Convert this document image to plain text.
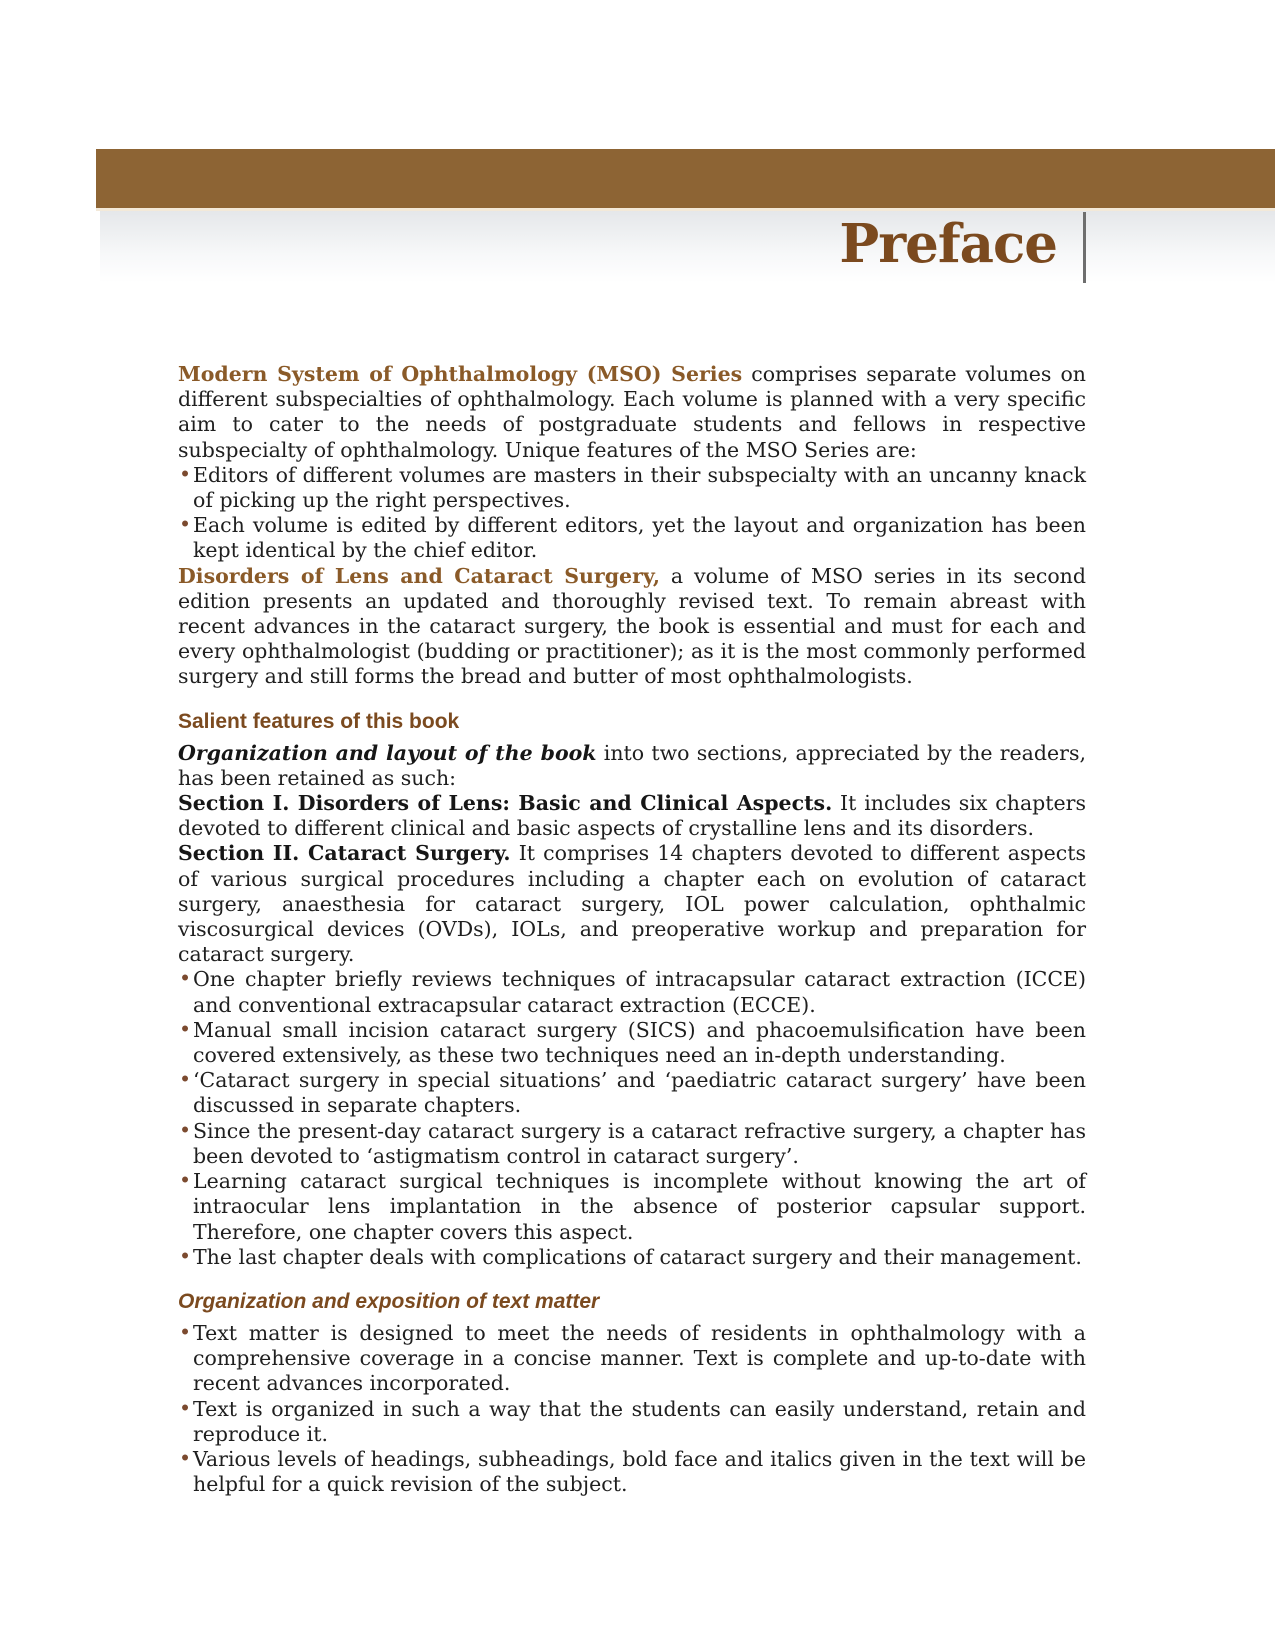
Preface

Modern System of Ophthalmology (MSO) Series comprises separate volumes on different subspecialties of ophthalmology. Each volume is planned with a very specific aim to cater to the needs of postgraduate students and fellows in respective subspecialty of ophthalmology. Unique features of the MSO Series are:

• Editors of different volumes are masters in their subspecialty with an uncanny knack of picking up the right perspectives.
• Each volume is edited by different editors, yet the layout and organization has been kept identical by the chief editor.

Disorders of Lens and Cataract Surgery, a volume of MSO series in its second edition presents an updated and thoroughly revised text. To remain abreast with recent advances in the cataract surgery, the book is essential and must for each and every ophthalmologist (budding or practitioner); as it is the most commonly performed surgery and still forms the bread and butter of most ophthalmologists.

Salient features of this book

Organization and layout of the book into two sections, appreciated by the readers, has been retained as such:

Section I. Disorders of Lens: Basic and Clinical Aspects. It includes six chapters devoted to different clinical and basic aspects of crystalline lens and its disorders.

Section II. Cataract Surgery. It comprises 14 chapters devoted to different aspects of various surgical procedures including a chapter each on evolution of cataract surgery, anaesthesia for cataract surgery, IOL power calculation, ophthalmic viscosurgical devices (OVDs), IOLs, and preoperative workup and preparation for cataract surgery.

• One chapter briefly reviews techniques of intracapsular cataract extraction (ICCE) and conventional extracapsular cataract extraction (ECCE).
• Manual small incision cataract surgery (SICS) and phacoemulsification have been covered extensively, as these two techniques need an in-depth understanding.
• ‘Cataract surgery in special situations’ and ‘paediatric cataract surgery’ have been discussed in separate chapters.
• Since the present-day cataract surgery is a cataract refractive surgery, a chapter has been devoted to ‘astigmatism control in cataract surgery’.
• Learning cataract surgical techniques is incomplete without knowing the art of intraocular lens implantation in the absence of posterior capsular support. Therefore, one chapter covers this aspect.
• The last chapter deals with complications of cataract surgery and their management.
Organization and exposition of text matter
• Text matter is designed to meet the needs of residents in ophthalmology with a comprehensive coverage in a concise manner. Text is complete and up-to-date with recent advances incorporated.
• Text is organized in such a way that the students can easily understand, retain and reproduce it.
• Various levels of headings, subheadings, bold face and italics given in the text will be helpful for a quick revision of the subject.
